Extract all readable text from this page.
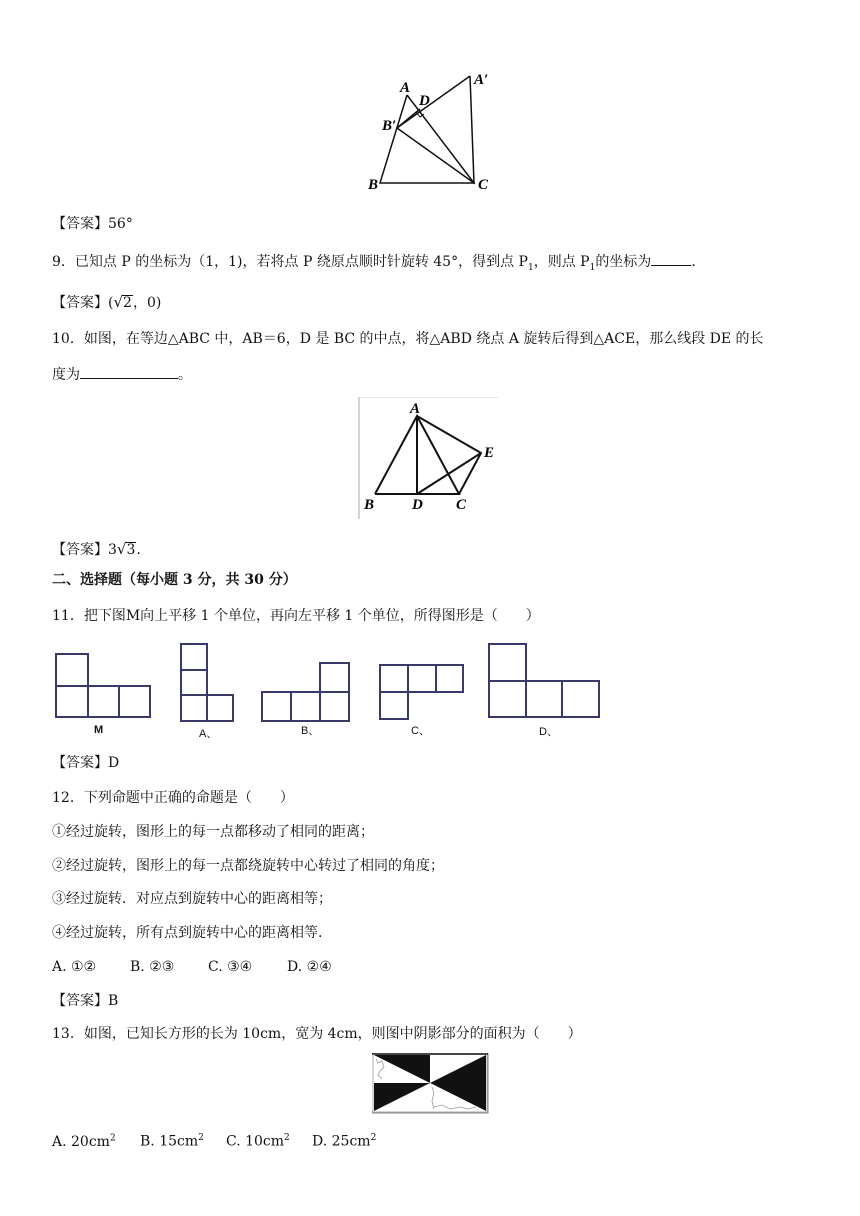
A	A′
D
B′
B	C
【答案】56°
9．已知点 P 的坐标为（1，1)，若将点 P 绕原点顺时针旋转 45°，得到点 $P_1$，则点 $P_1$的坐标为	．
【答案】(√2，0)
10．如图，在等边△ABC 中，AB＝6，D 是 BC 的中点，将△ABD 绕点 A 旋转后得到△ACE，那么线段 DE 的长
度为	。
A
B	D C
E
【答案】3√3.
二、选择题（每小题 3 分，共 30 分）
11．把下图M向上平移 1 个单位，再向左平移 1 个单位，所得图形是（　　）
M	A、	B、	C、	D、
【答案】D
12．下列命题中正确的命题是（　　）
①经过旋转，图形上的每一点都移动了相同的距离；
②经过旋转，图形上的每一点都绕旋转中心转过了相同的角度；
③经过旋转．对应点到旋转中心的距离相等；
④经过旋转，所有点到旋转中心的距离相等.
A. ①② B. ②③ C. ③④ D. ②④
【答案】B
13．如图，已知长方形的长为 10cm，宽为 4cm，则图中阴影部分的面积为（　　）
A. $20cm^2$ B. $15cm^2$ C. $10cm^2$ D. $25cm^2$
